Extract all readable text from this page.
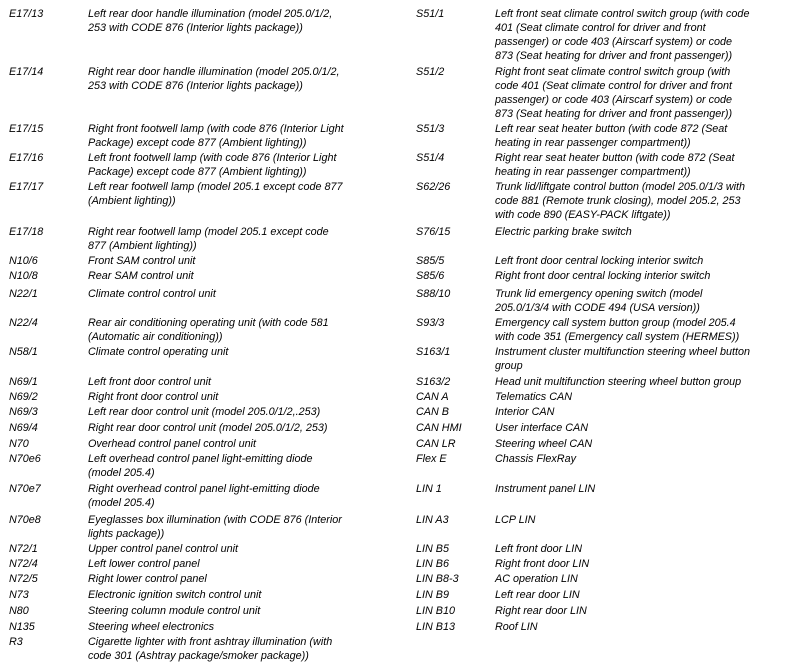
E17/13	Left rear door handle illumination (model 205.0/1/2,
253 with CODE 876 (Interior lights package))
E17/14	Right rear door handle illumination (model 205.0/1/2,
253 with CODE 876 (Interior lights package))
E17/15	Right front footwell lamp (with code 876 (Interior Light
Package) except code 877 (Ambient lighting))
E17/16	Left front footwell lamp (with code 876 (Interior Light
Package) except code 877 (Ambient lighting))
E17/17	Left rear footwell lamp (model 205.1 except code 877
(Ambient lighting))
E17/18	Right rear footwell lamp (model 205.1 except code
877 (Ambient lighting))
N10/6	Front SAM control unit
N10/8	Rear SAM control unit
N22/1	Climate control control unit
N22/4	Rear air conditioning operating unit (with code 581
(Automatic air conditioning))
N58/1	Climate control operating unit
N69/1	Left front door control unit
N69/2	Right front door control unit
N69/3	Left rear door control unit (model 205.0/1/2,.253)
N69/4	Right rear door control unit (model 205.0/1/2, 253)
N70	Overhead control panel control unit
N70e6	Left overhead control panel light-emitting diode
(model 205.4)
N70e7	Right overhead control panel light-emitting diode
(model 205.4)
N70e8	Eyeglasses box illumination (with CODE 876 (Interior
lights package))
N72/1	Upper control panel control unit
N72/4	Left lower control panel
N72/5	Right lower control panel
N73	Electronic ignition switch control unit
N80	Steering column module control unit
N135	Steering wheel electronics
R3	Cigarette lighter with front ashtray illumination (with
code 301 (Ashtray package/smoker package))
S51/1	Left front seat climate control switch group (with code
401 (Seat climate control for driver and front
passenger) or code 403 (Airscarf system) or code
873 (Seat heating for driver and front passenger))
S51/2	Right front seat climate control switch group (with
code 401 (Seat climate control for driver and front
passenger) or code 403 (Airscarf system) or code
873 (Seat heating for driver and front passenger))
S51/3	Left rear seat heater button (with code 872 (Seat
heating in rear passenger compartment))
S51/4	Right rear seat heater button (with code 872 (Seat
heating in rear passenger compartment))
S62/26	Trunk lid/liftgate control button (model 205.0/1/3 with
code 881 (Remote trunk closing), model 205.2, 253
with code 890 (EASY-PACK liftgate))
S76/15	Electric parking brake switch
S85/5	Left front door central locking interior switch
S85/6	Right front door central locking interior switch
S88/10	Trunk lid emergency opening switch (model
205.0/1/3/4 with CODE 494 (USA version))
S93/3	Emergency call system button group (model 205.4
with code 351 (Emergency call system (HERMES))
S163/1	Instrument cluster multifunction steering wheel button
group
S163/2	Head unit multifunction steering wheel button group
CAN A	Telematics CAN
CAN B	Interior CAN
CAN HMI	User interface CAN
CAN LR	Steering wheel CAN
Flex E	Chassis FlexRay
LIN 1	Instrument panel LIN
LIN A3	LCP LIN
LIN B5	Left front door LIN
LIN B6	Right front door LIN
LIN B8-3	AC operation LIN
LIN B9	Left rear door LIN
LIN B10	Right rear door LIN
LIN B13	Roof LIN
